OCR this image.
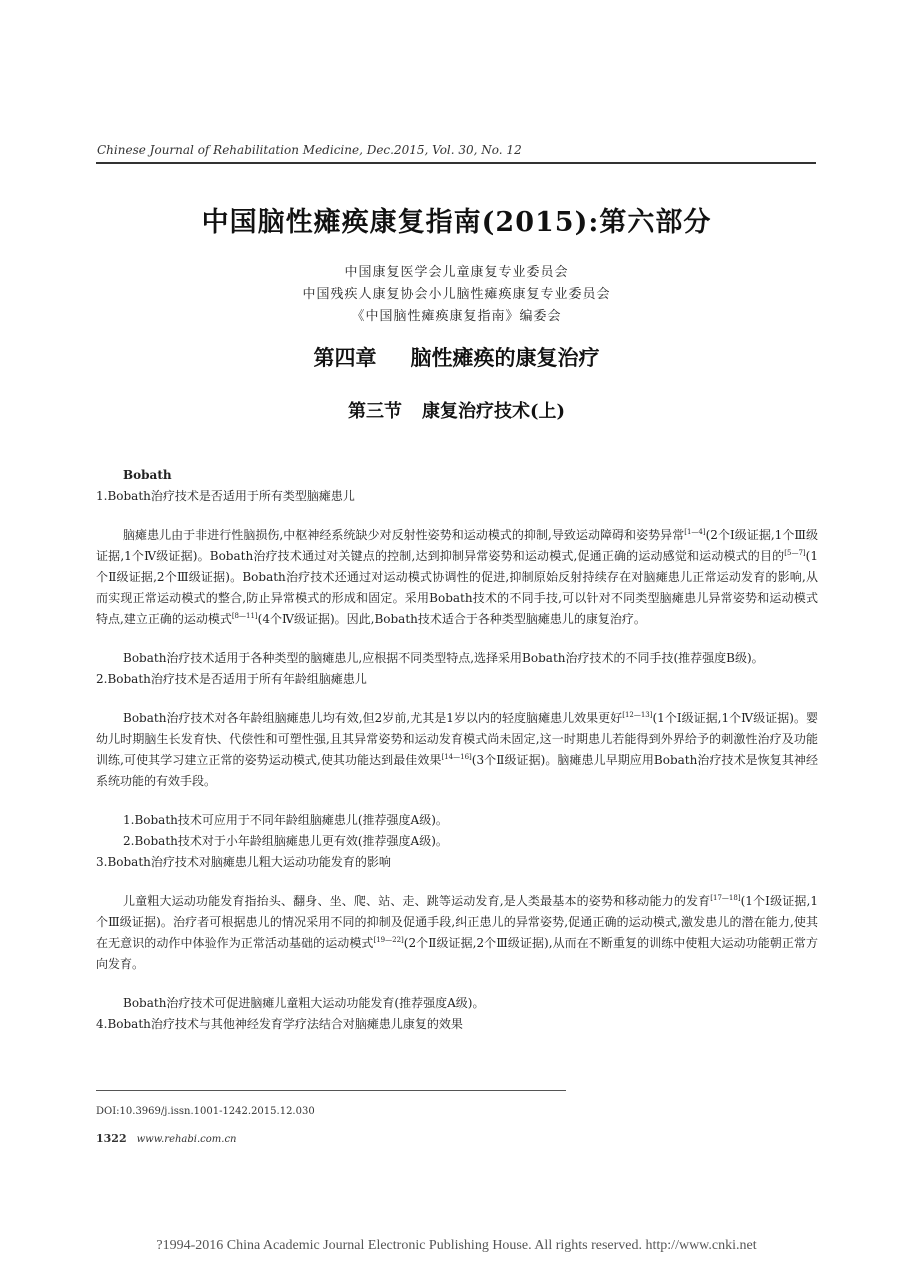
Chinese Journal of Rehabilitation Medicine, Dec.2015, Vol. 30, No. 12
中国脑性瘫痪康复指南(2015):第六部分
中国康复医学会儿童康复专业委员会
中国残疾人康复协会小儿脑性瘫痪康复专业委员会
《中国脑性瘫痪康复指南》编委会
第四章 脑性瘫痪的康复治疗
第三节 康复治疗技术(上)

Bobath

1.Bobath治疗技术是否适用于所有类型脑瘫患儿

脑瘫患儿由于非进行性脑损伤,中枢神经系统缺少对反射性姿势和运动模式的抑制,导致运动障碍和姿势异常[1—4](2个Ⅰ级证据,1个Ⅲ级证据,1个Ⅳ级证据)。Bobath治疗技术通过对关键点的控制,达到抑制异常姿势和运动模式,促通正确的运动感觉和运动模式的目的[5—7](1个Ⅱ级证据,2个Ⅲ级证据)。Bobath治疗技术还通过对运动模式协调性的促进,抑制原始反射持续存在对脑瘫患儿正常运动发育的影响,从而实现正常运动模式的整合,防止异常模式的形成和固定。采用Bobath技术的不同手技,可以针对不同类型脑瘫患儿异常姿势和运动模式特点,建立正确的运动模式[8—11](4个Ⅳ级证据)。因此,Bobath技术适合于各种类型脑瘫患儿的康复治疗。

Bobath治疗技术适用于各种类型的脑瘫患儿,应根据不同类型特点,选择采用Bobath治疗技术的不同手技(推荐强度B级)。

2.Bobath治疗技术是否适用于所有年龄组脑瘫患儿

Bobath治疗技术对各年龄组脑瘫患儿均有效,但2岁前,尤其是1岁以内的轻度脑瘫患儿效果更好[12—13](1个Ⅰ级证据,1个Ⅳ级证据)。婴幼儿时期脑生长发育快、代偿性和可塑性强,且其异常姿势和运动发育模式尚未固定,这一时期患儿若能得到外界给予的刺激性治疗及功能训练,可使其学习建立正常的姿势运动模式,使其功能达到最佳效果[14—16](3个Ⅱ级证据)。脑瘫患儿早期应用Bobath治疗技术是恢复其神经系统功能的有效手段。

1.Bobath技术可应用于不同年龄组脑瘫患儿(推荐强度A级)。

2.Bobath技术对于小年龄组脑瘫患儿更有效(推荐强度A级)。

3.Bobath治疗技术对脑瘫患儿粗大运动功能发育的影响

儿童粗大运动功能发育指抬头、翻身、坐、爬、站、走、跳等运动发育,是人类最基本的姿势和移动能力的发育[17—18](1个Ⅰ级证据,1个Ⅲ级证据)。治疗者可根据患儿的情况采用不同的抑制及促通手段,纠正患儿的异常姿势,促通正确的运动模式,激发患儿的潜在能力,使其在无意识的动作中体验作为正常活动基础的运动模式[19—22](2个Ⅱ级证据,2个Ⅲ级证据),从而在不断重复的训练中使粗大运动功能朝正常方向发育。

Bobath治疗技术可促进脑瘫儿童粗大运动功能发育(推荐强度A级)。

4.Bobath治疗技术与其他神经发育学疗法结合对脑瘫患儿康复的效果

DOI:10.3969/j.issn.1001-1242.2015.12.030
1322 www.rehabi.com.cn
?1994-2016 China Academic Journal Electronic Publishing House. All rights reserved. http://www.cnki.net
